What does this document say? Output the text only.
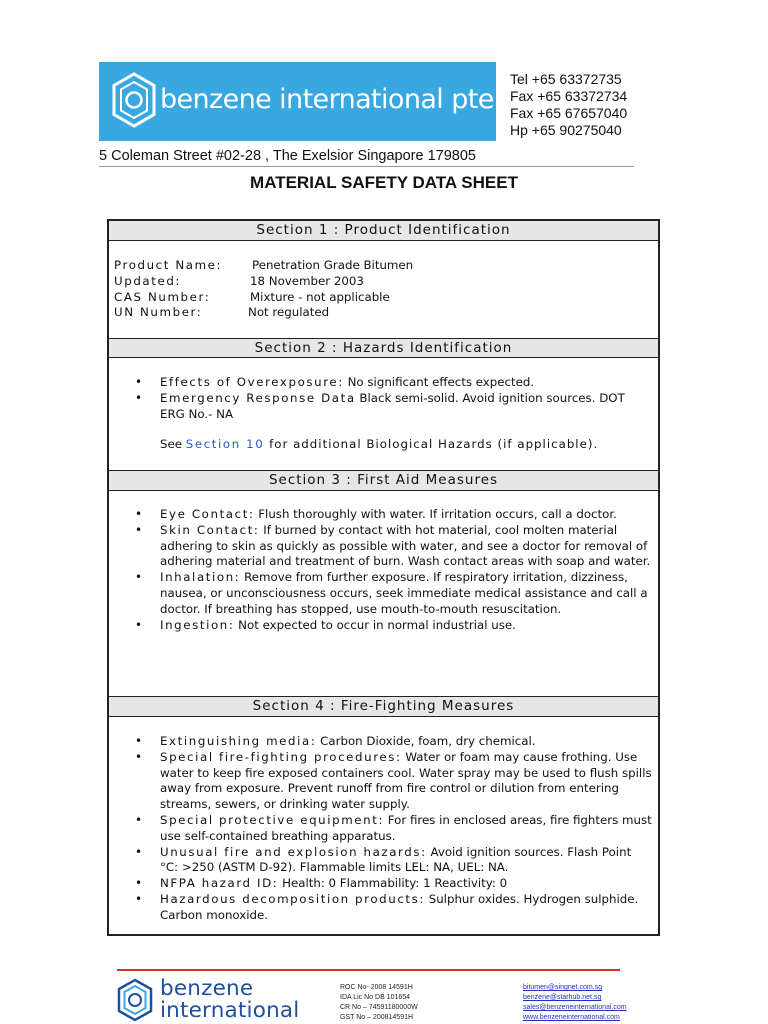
benzene international pte ltd
Tel +65 63372735
Fax +65 63372734
Fax +65 67657040
Hp +65 90275040
5 Coleman Street #02-28 , The Exelsior Singapore 179805
MATERIAL SAFETY DATA SHEET
Section 1 : Product Identification
Product Name:	Penetration Grade Bitumen
Updated:	18 November 2003
CAS Number:	Mixture - not applicable
UN Number:	Not regulated
Section 2 : Hazards Identification
• Effects of Overexposure: No significant effects expected.
• Emergency Response Data Black semi-solid. Avoid ignition sources. DOT ERG No.- NA
See Section 10 for additional Biological Hazards (if applicable).
Section 3 : First Aid Measures
• Eye Contact: Flush thoroughly with water. If irritation occurs, call a doctor.
• Skin Contact: If burned by contact with hot material, cool molten material adhering to skin as quickly as possible with water, and see a doctor for removal of adhering material and treatment of burn. Wash contact areas with soap and water.
• Inhalation: Remove from further exposure. If respiratory irritation, dizziness, nausea, or unconsciousness occurs, seek immediate medical assistance and call a doctor. If breathing has stopped, use mouth-to-mouth resuscitation.
• Ingestion: Not expected to occur in normal industrial use.
Section 4 : Fire-Fighting Measures
• Extinguishing media: Carbon Dioxide, foam, dry chemical.
• Special fire-fighting procedures: Water or foam may cause frothing. Use water to keep fire exposed containers cool. Water spray may be used to flush spills away from exposure. Prevent runoff from fire control or dilution from entering streams, sewers, or drinking water supply.
• Special protective equipment: For fires in enclosed areas, fire fighters must use self-contained breathing apparatus.
• Unusual fire and explosion hazards: Avoid ignition sources. Flash Point °C: >250 (ASTM D-92). Flammable limits LEL: NA, UEL: NA.
• NFPA hazard ID: Health: 0 Flammability: 1 Reactivity: 0
• Hazardous decomposition products: Sulphur oxides. Hydrogen sulphide. Carbon monoxide.
benzene
international
ROC No- 2008 14591H
IDA Lic No DB 101654
CR No – 74591180000W
GST No – 200814591H
bitumen@singnet.com.sg
benzene@starhub.net.sg
sales@benzeneinternational.com
www.benzeneinternational.com
